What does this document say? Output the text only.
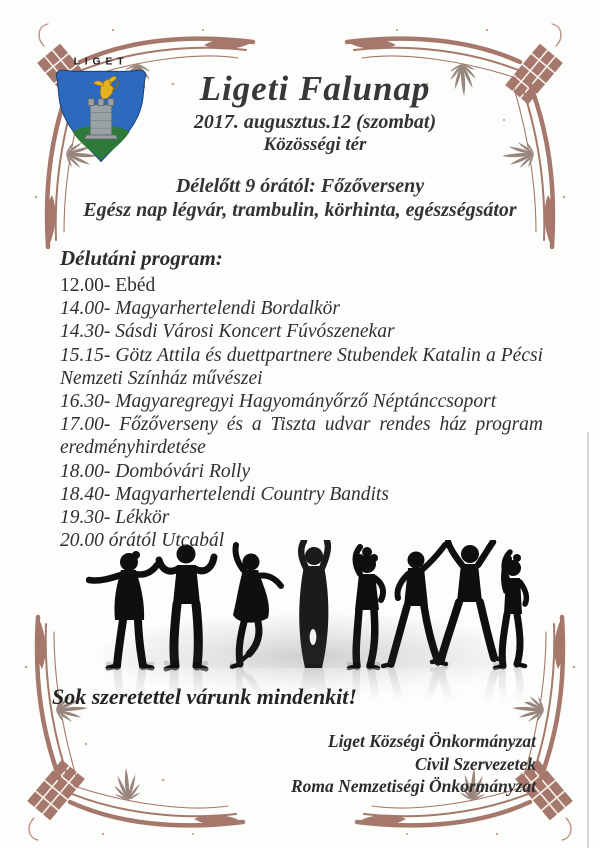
LIGET
Ligeti Falunap
2017. augusztus.12 (szombat)
Közösségi tér
Délelőtt 9 órától: Főzőverseny
Egész nap légvár, trambulin, körhinta, egészségsátor
Délutáni program:
12.00- Ebéd
14.00- Magyarhertelendi Bordalkör
14.30- Sásdi Városi Koncert Fúvószenekar
15.15- Götz Attila és duettpartnere Stubendek Katalin a Pécsi Nemzeti Színház művészei
16.30- Magyaregregyi Hagyományőrző Néptánccsoport
17.00- Főzőverseny és a Tiszta udvar rendes ház program eredményhirdetése
18.00- Dombóvári Rolly
18.40- Magyarhertelendi Country Bandits
19.30- Lékkör
20.00 órától Utcabál
Sok szeretettel várunk mindenkit!
Liget Községi Önkormányzat
Civil Szervezetek
Roma Nemzetiségi Önkormányzat
